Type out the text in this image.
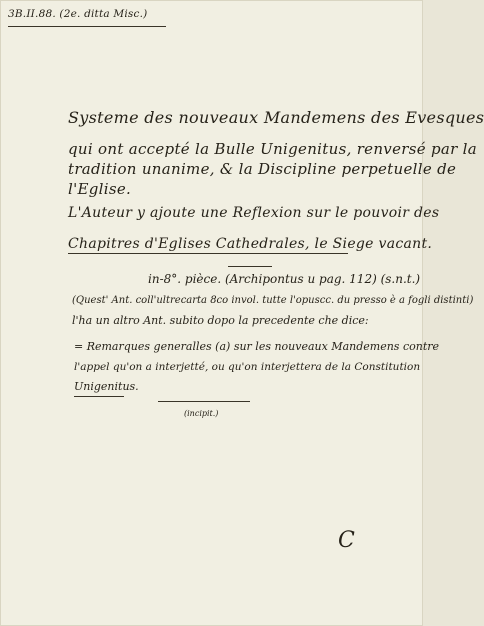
3B.II.88. (2e. ditta Misc.)
Systeme des nouveaux Mandemens des Evesques
qui ont accepté la Bulle Unigenitus, renversé par la
tradition unanime, & la Discipline perpetuelle de
l'Eglise.
L'Auteur y ajoute une Reflexion sur le pouvoir des
Chapitres d'Eglises Cathedrales, le Siege vacant.
in-8°. pièce. (Archipontus u pag. 112) (s.n.t.)
(Quest' Ant. coll'ultrecarta 8co invol. tutte l'opuscc. du presso è a fogli distinti)
l'ha un altro Ant. subito dopo la precedente che dice:
= Remarques generalles (a) sur les nouveaux Mandemens contre
l'appel qu'on a interjetté, ou qu'on interjettera de la Constitution
Unigenitus.
(incipit.)
C
